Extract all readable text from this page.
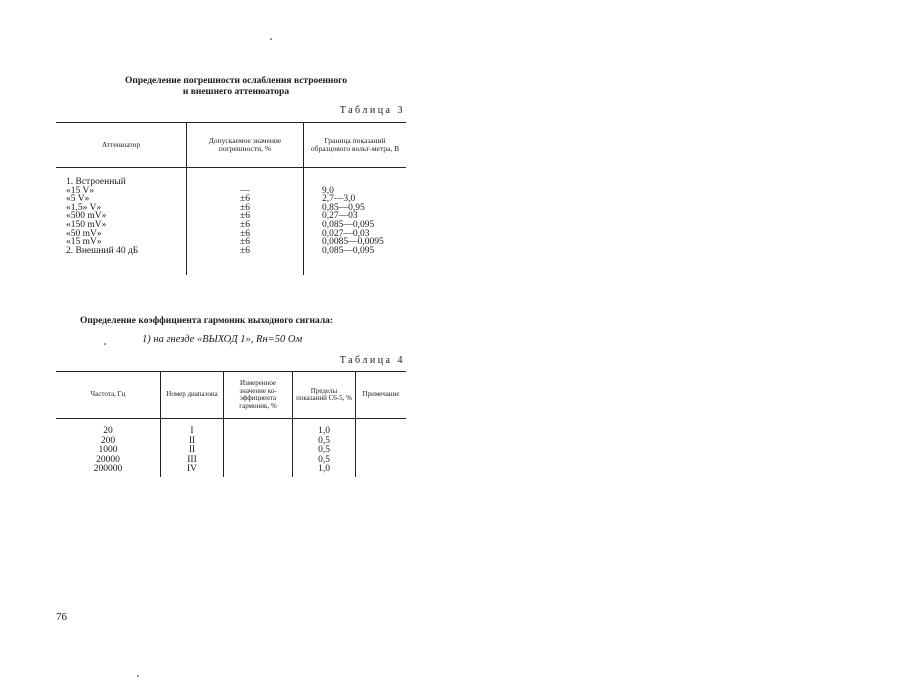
Определение погрешности ослабления встроенного
и внешнего аттенюатора
Таблица 3
Аттенюатор	Допускаемое значение погрешности, %	Граница показаний образцового вольт-метра, В

1. Встроенный		
«15 V»	—	9,0
«5 V»	±6	2,7—3,0
«1,5» V»	±6	0,85—0,95
«500 mV»	±6	0,27—03
«150 mV»	±6	0,085—0,095
«50 mV»	±6	0,027—0,03
«15 mV»	±6	0,0085—0,0095
2. Внешний 40 дБ	±6	0,085—0,095

Определение коэффициента гармоник выходного сигнала:
1) на гнезде «ВЫХОД 1», Rн=50 Ом
Таблица 4
Частота, Гц	Номер диапазона	Измеренное значение ко-эффициента гармоник, %	Пределы показаний С6-5, %	Примечание

20	I		1,0	
200	II		0,5	
1000	II		0,5	
20000	III		0,5	
200000	IV		1,0	

76
